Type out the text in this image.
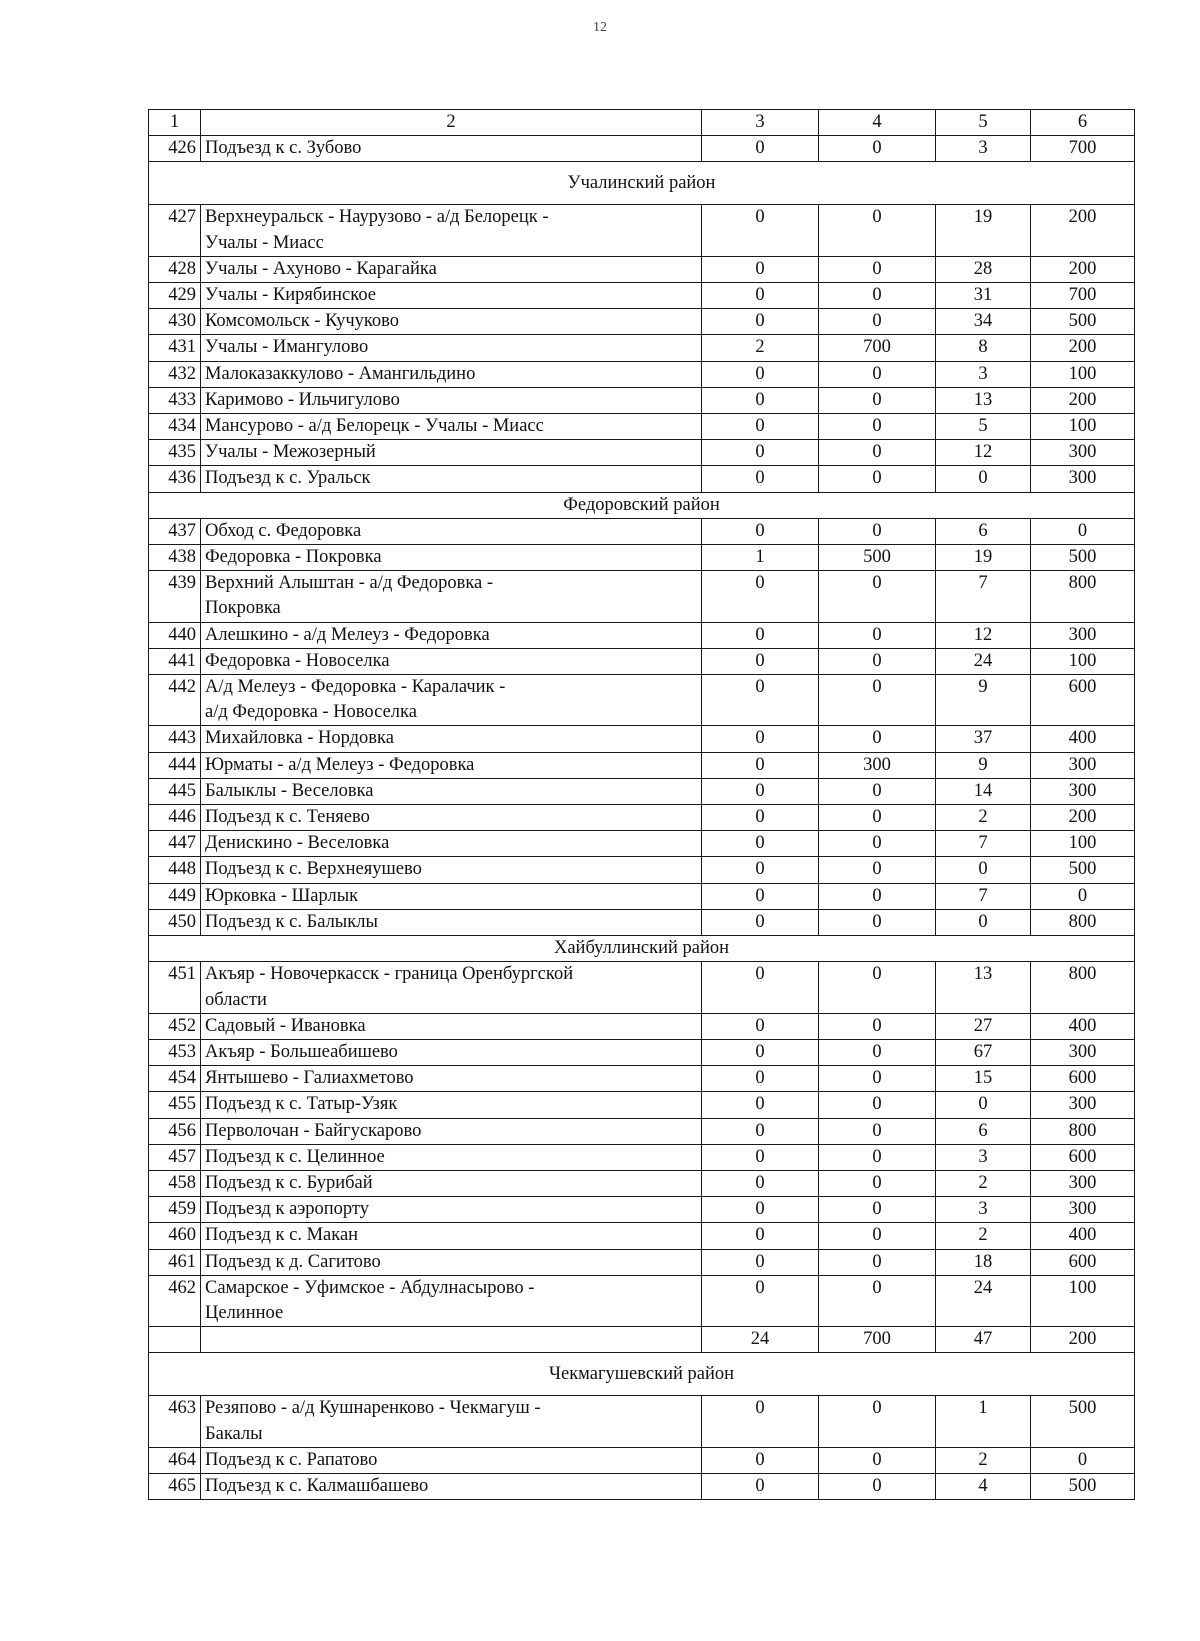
12
1	2	3	4	5	6
426	Подъезд к с. Зубово	0	0	3	700
Учалинский район					
427	Верхнеуральск - Наурузово - а/д Белорецк -
Учалы - Миасс	0	0	19	200
428	Учалы - Ахуново - Карагайка	0	0	28	200
429	Учалы - Кирябинское	0	0	31	700
430	Комсомольск - Кучуково	0	0	34	500
431	Учалы - Имангулово	2	700	8	200
432	Малоказаккулово - Амангильдино	0	0	3	100
433	Каримово - Ильчигулово	0	0	13	200
434	Мансурово - а/д Белорецк - Учалы - Миасс	0	0	5	100
435	Учалы - Межозерный	0	0	12	300
436	Подъезд к с. Уральск	0	0	0	300
Федоровский район					
437	Обход с. Федоровка	0	0	6	0
438	Федоровка - Покровка	1	500	19	500
439	Верхний Алыштан - а/д Федоровка -
Покровка	0	0	7	800
440	Алешкино - а/д Мелеуз - Федоровка	0	0	12	300
441	Федоровка - Новоселка	0	0	24	100
442	А/д Мелеуз - Федоровка - Каралачик -
а/д Федоровка - Новоселка	0	0	9	600
443	Михайловка - Нордовка	0	0	37	400
444	Юрматы - а/д Мелеуз - Федоровка	0	300	9	300
445	Балыклы - Веселовка	0	0	14	300
446	Подъезд к с. Теняево	0	0	2	200
447	Денискино - Веселовка	0	0	7	100
448	Подъезд к с. Верхнеяушево	0	0	0	500
449	Юрковка - Шарлык	0	0	7	0
450	Подъезд к с. Балыклы	0	0	0	800
Хайбуллинский район					
451	Акъяр - Новочеркасск - граница Оренбургской
области	0	0	13	800
452	Садовый - Ивановка	0	0	27	400
453	Акъяр - Большеабишево	0	0	67	300
454	Янтышево - Галиахметово	0	0	15	600
455	Подъезд к с. Татыр-Узяк	0	0	0	300
456	Перволочан - Байгускарово	0	0	6	800
457	Подъезд к с. Целинное	0	0	3	600
458	Подъезд к с. Бурибай	0	0	2	300
459	Подъезд к аэропорту	0	0	3	300
460	Подъезд к с. Макан	0	0	2	400
461	Подъезд к д. Сагитово	0	0	18	600
462	Самарское - Уфимское - Абдулнасырово -
Целинное	0	0	24	100
		24	700	47	200
Чекмагушевский район					
463	Резяпово - а/д Кушнаренково - Чекмагуш -
Бакалы	0	0	1	500
464	Подъезд к с. Рапатово	0	0	2	0
465	Подъезд к с. Калмашбашево	0	0	4	500
